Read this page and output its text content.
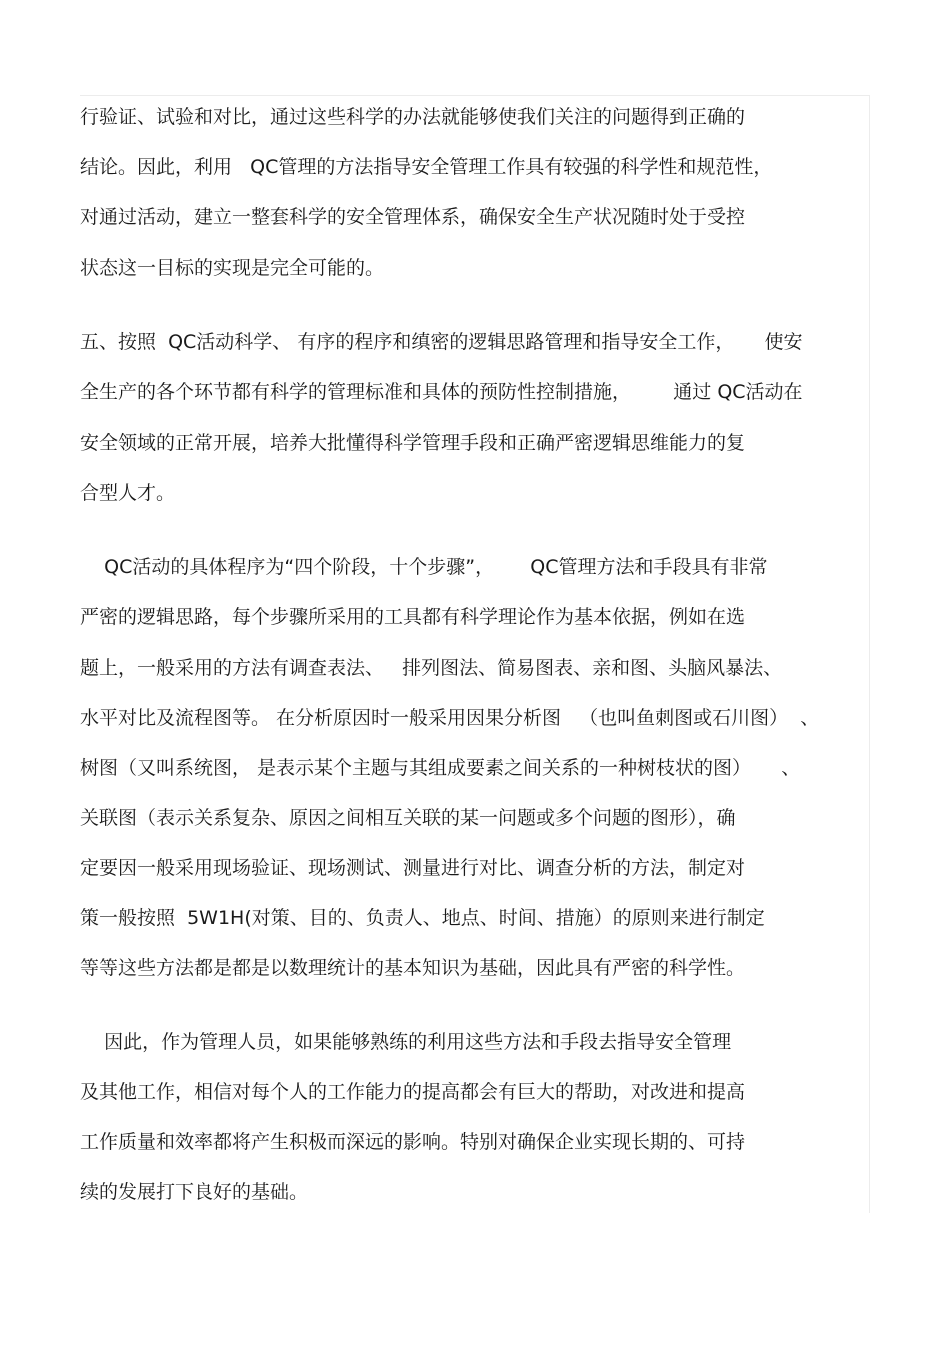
行验证、试验和对比，通过这些科学的办法就能够使我们关注的问题得到正确的

结论。因此，利用   QC管理的方法指导安全管理工作具有较强的科学性和规范性，

对通过活动，建立一整套科学的安全管理体系，确保安全生产状况随时处于受控

状态这一目标的实现是完全可能的。

五、按照  QC活动科学、 有序的程序和缜密的逻辑思路管理和指导安全工作，     使安

全生产的各个环节都有科学的管理标准和具体的预防性控制措施，       通过 QC活动在

安全领域的正常开展，培养大批懂得科学管理手段和正确严密逻辑思维能力的复

合型人才。

QC活动的具体程序为“四个阶段，十个步骤”，      QC管理方法和手段具有非常

严密的逻辑思路，每个步骤所采用的工具都有科学理论作为基本依据，例如在选

题上，一般采用的方法有调查表法、   排列图法、简易图表、亲和图、头脑风暴法、

水平对比及流程图等。 在分析原因时一般采用因果分析图   （也叫鱼刺图或石川图）  、

树图（又叫系统图， 是表示某个主题与其组成要素之间关系的一种树枝状的图）     、

关联图（表示关系复杂、原因之间相互关联的某一问题或多个问题的图形），确

定要因一般采用现场验证、现场测试、测量进行对比、调查分析的方法，制定对

策一般按照  5W1H(对策、目的、负责人、地点、时间、措施）的原则来进行制定

等等这些方法都是都是以数理统计的基本知识为基础，因此具有严密的科学性。

因此，作为管理人员，如果能够熟练的利用这些方法和手段去指导安全管理

及其他工作，相信对每个人的工作能力的提高都会有巨大的帮助，对改进和提高

工作质量和效率都将产生积极而深远的影响。特别对确保企业实现长期的、可持

续的发展打下良好的基础。
